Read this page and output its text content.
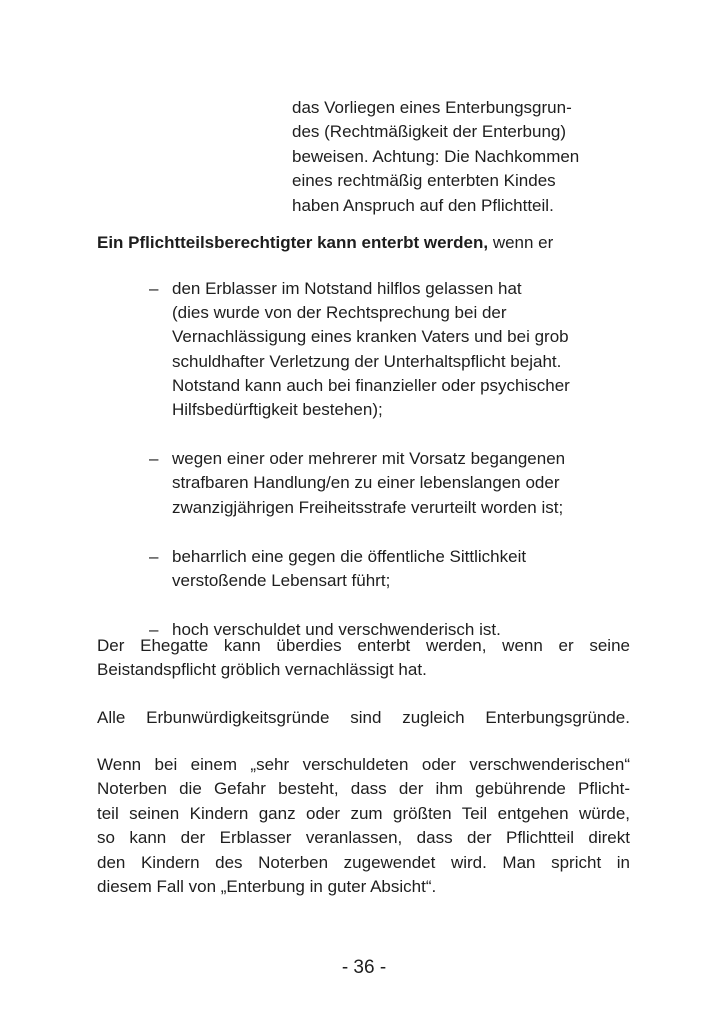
das Vorliegen eines Enterbungsgrun-
des (Rechtmäßigkeit der Enterbung)
beweisen. Achtung: Die Nachkommen
eines rechtmäßig enterbten Kindes
haben Anspruch auf den Pflichtteil.
Ein Pflichtteilsberechtigter kann enterbt werden, wenn er
– den Erblasser im Notstand hilflos gelassen hat
(dies wurde von der Rechtsprechung bei der
Vernachlässigung eines kranken Vaters und bei grob
schuldhafter Verletzung der Unterhaltspflicht bejaht.
Notstand kann auch bei finanzieller oder psychischer
Hilfsbedürftigkeit bestehen);
– wegen einer oder mehrerer mit Vorsatz begangenen
strafbaren Handlung/en zu einer lebenslangen oder
zwanzigjährigen Freiheitsstrafe verurteilt worden ist;
– beharrlich eine gegen die öffentliche Sittlichkeit
verstoßende Lebensart führt;
– hoch verschuldet und verschwenderisch ist.
Der Ehegatte kann überdies enterbt werden, wenn er seine
Beistandspflicht gröblich vernachlässigt hat.
Alle Erbunwürdigkeitsgründe sind zugleich Enterbungsgründe.
Wenn bei einem „sehr verschuldeten oder verschwenderischen“
Noterben die Gefahr besteht, dass der ihm gebührende Pflicht-
teil seinen Kindern ganz oder zum größten Teil entgehen würde,
so kann der Erblasser veranlassen, dass der Pflichtteil direkt
den Kindern des Noterben zugewendet wird. Man spricht in
diesem Fall von „Enterbung in guter Absicht“.
- 36 -
